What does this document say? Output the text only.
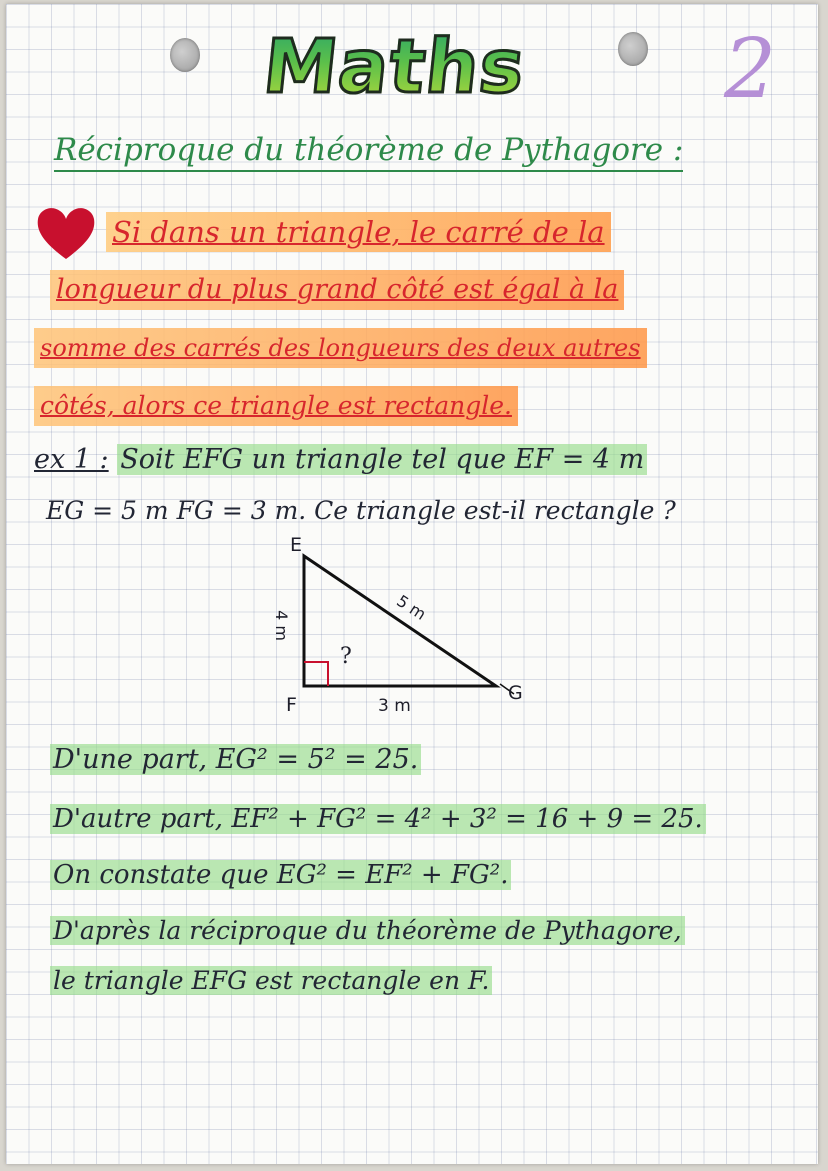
Maths 2
Réciproque du théorème de Pythagore :
Si dans un triangle, le carré de la
longueur du plus grand côté est égal à la
somme des carrés des longueurs des deux autres
côtés, alors ce triangle est rectangle.
ex 1 : Soit EFG un triangle tel que EF = 4 m
EG = 5 m FG = 3 m. Ce triangle est-il rectangle ?
E
F
G
4 m
5 m
3 m
?
D'une part, EG² = 5² = 25.
D'autre part, EF² + FG² = 4² + 3² = 16 + 9 = 25.
On constate que EG² = EF² + FG².
D'après la réciproque du théorème de Pythagore,
le triangle EFG est rectangle en F.
